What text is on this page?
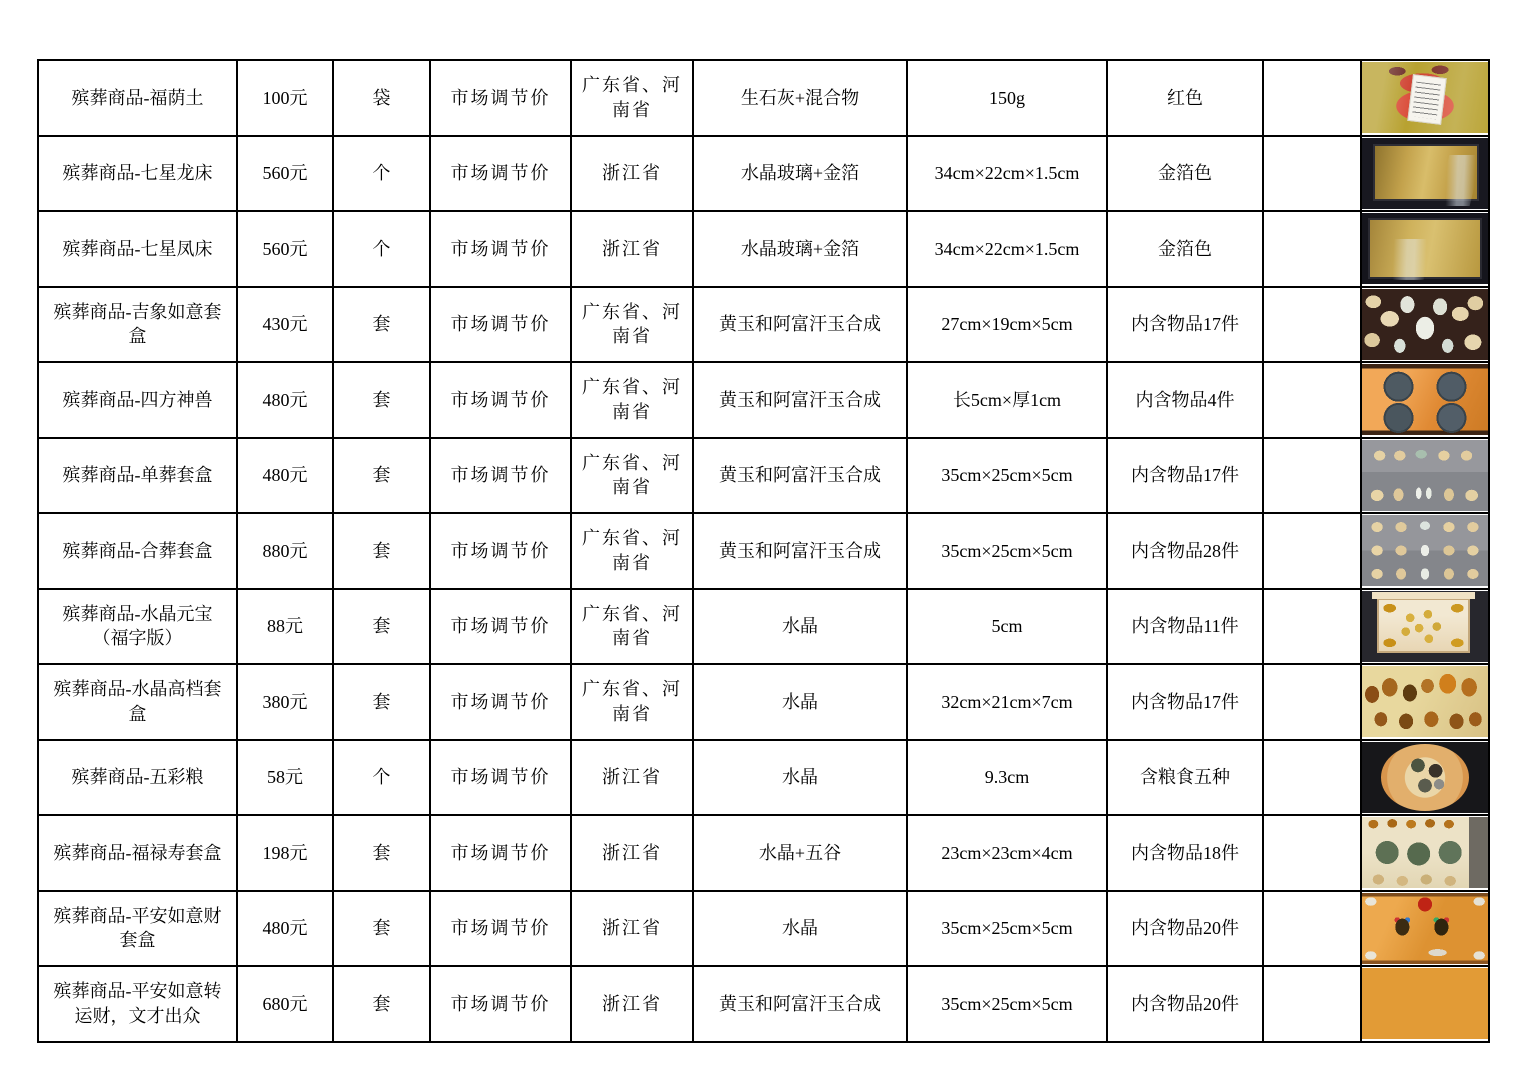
殡葬商品-福荫土	100元	袋	市场调节价	广东省、河南省	生石灰+混合物	150g	红色		

殡葬商品-七星龙床	560元	个	市场调节价	浙江省	水晶玻璃+金箔	34cm×22cm×1.5cm	金箔色		

殡葬商品-七星凤床	560元	个	市场调节价	浙江省	水晶玻璃+金箔	34cm×22cm×1.5cm	金箔色		

殡葬商品-吉象如意套盒	430元	套	市场调节价	广东省、河南省	黄玉和阿富汗玉合成	27cm×19cm×5cm	内含物品17件		

殡葬商品-四方神兽	480元	套	市场调节价	广东省、河南省	黄玉和阿富汗玉合成	长5cm×厚1cm	内含物品4件		

殡葬商品-单葬套盒	480元	套	市场调节价	广东省、河南省	黄玉和阿富汗玉合成	35cm×25cm×5cm	内含物品17件		

殡葬商品-合葬套盒	880元	套	市场调节价	广东省、河南省	黄玉和阿富汗玉合成	35cm×25cm×5cm	内含物品28件		

殡葬商品-水晶元宝（福字版）	88元	套	市场调节价	广东省、河南省	水晶	5cm	内含物品11件		

殡葬商品-水晶高档套盒	380元	套	市场调节价	广东省、河南省	水晶	32cm×21cm×7cm	内含物品17件		

殡葬商品-五彩粮	58元	个	市场调节价	浙江省	水晶	9.3cm	含粮食五种		

殡葬商品-福禄寿套盒	198元	套	市场调节价	浙江省	水晶+五谷	23cm×23cm×4cm	内含物品18件		

殡葬商品-平安如意财套盒	480元	套	市场调节价	浙江省	水晶	35cm×25cm×5cm	内含物品20件		

殡葬商品-平安如意转运财，文才出众	680元	套	市场调节价	浙江省	黄玉和阿富汗玉合成	35cm×25cm×5cm	内含物品20件		
